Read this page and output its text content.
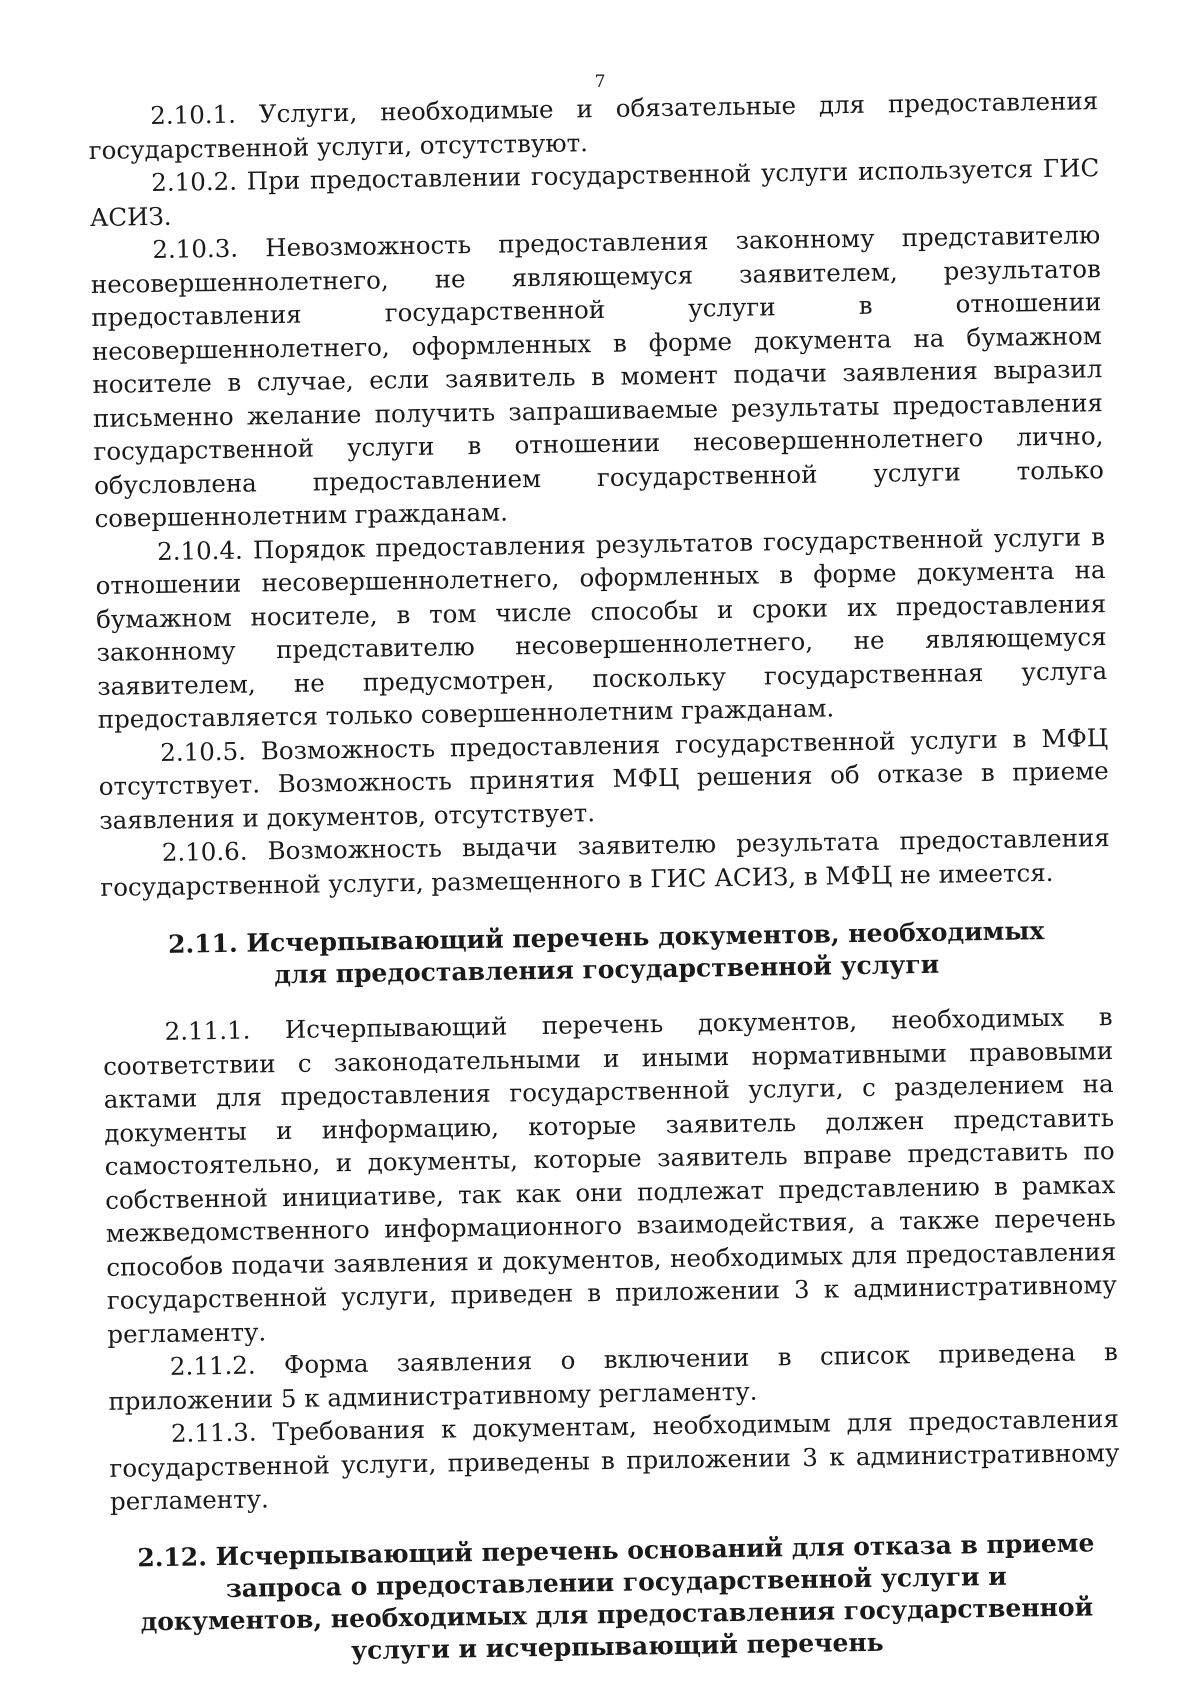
7

2.10.1. Услуги, необходимые и обязательные для предоставления государственной услуги, отсутствуют.

2.10.2. При предоставлении государственной услуги используется ГИС АСИЗ.

2.10.3. Невозможность предоставления законному представителю несовершеннолетнего, не являющемуся заявителем, результатов предоставления государственной услуги в отношении несовершеннолетнего, оформленных в форме документа на бумажном носителе в случае, если заявитель в момент подачи заявления выразил письменно желание получить запрашиваемые результаты предоставления государственной услуги в отношении несовершеннолетнего лично, обусловлена предоставлением государственной услуги только совершеннолетним гражданам.

2.10.4. Порядок предоставления результатов государственной услуги в отношении несовершеннолетнего, оформленных в форме документа на бумажном носителе, в том числе способы и сроки их предоставления законному представителю несовершеннолетнего, не являющемуся заявителем, не предусмотрен, поскольку государственная услуга предоставляется только совершеннолетним гражданам.

2.10.5. Возможность предоставления государственной услуги в МФЦ отсутствует. Возможность принятия МФЦ решения об отказе в приеме заявления и документов, отсутствует.

2.10.6. Возможность выдачи заявителю результата предоставления государственной услуги, размещенного в ГИС АСИЗ, в МФЦ не имеется.

2.11. Исчерпывающий перечень документов, необходимых для предоставления государственной услуги

2.11.1. Исчерпывающий перечень документов, необходимых в соответствии с законодательными и иными нормативными правовыми актами для предоставления государственной услуги, с разделением на документы и информацию, которые заявитель должен представить самостоятельно, и документы, которые заявитель вправе представить по собственной инициативе, так как они подлежат представлению в рамках межведомственного информационного взаимодействия, а также перечень способов подачи заявления и документов, необходимых для предоставления государственной услуги, приведен в приложении 3 к административному регламенту.

2.11.2. Форма заявления о включении в список приведена в приложении 5 к административному регламенту.

2.11.3. Требования к документам, необходимым для предоставления государственной услуги, приведены в приложении 3 к административному регламенту.

2.12. Исчерпывающий перечень оснований для отказа в приеме запроса о предоставлении государственной услуги и документов, необходимых для предоставления государственной услуги и исчерпывающий перечень
